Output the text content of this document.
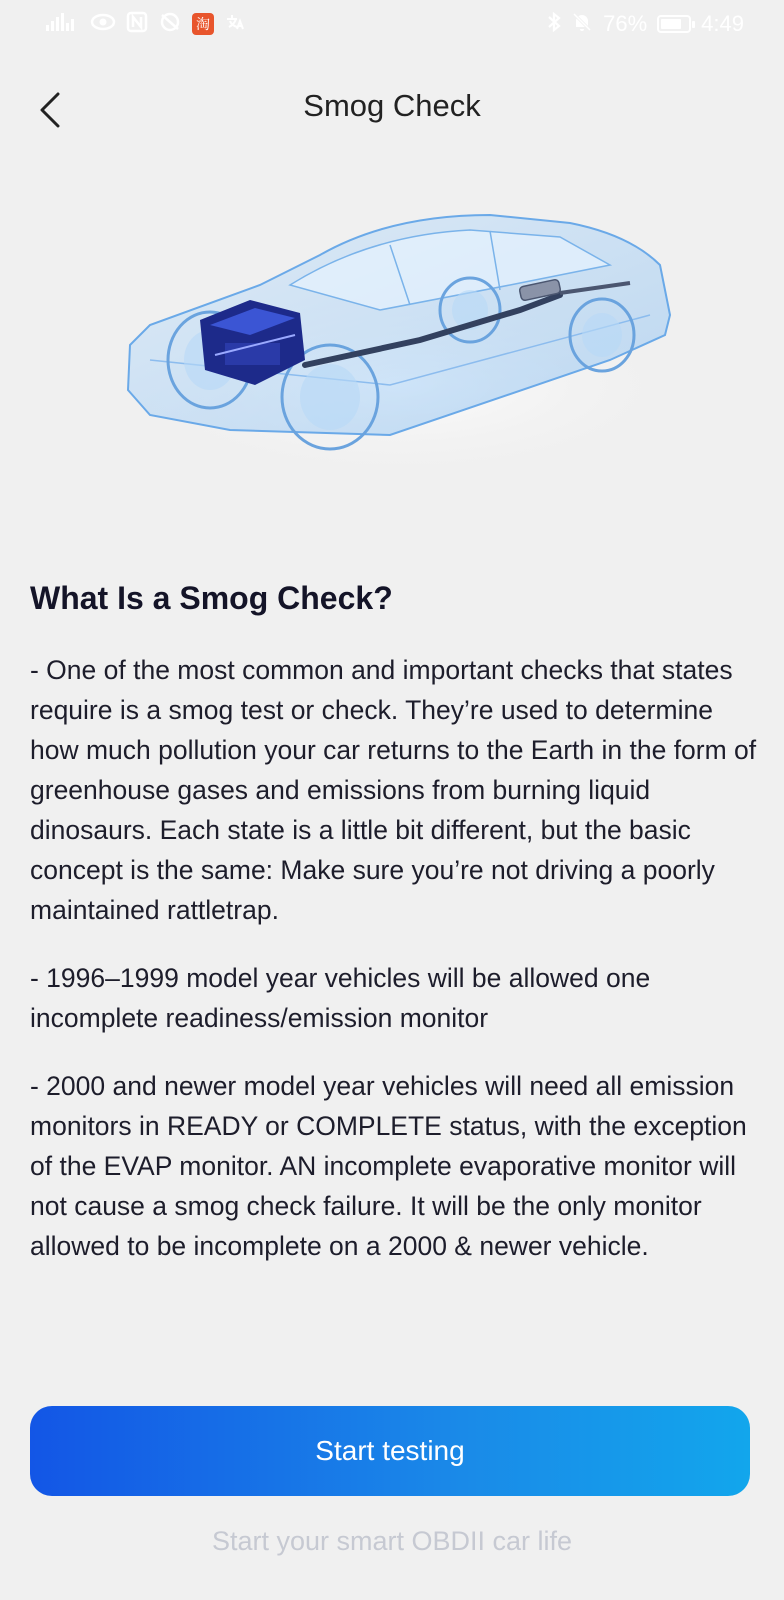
淘	76% 4:49
Smog Check
What Is a Smog Check?

- One of the most common and important checks that states require is a smog test or check. They’re used to determine how much pollution your car returns to the Earth in the form of greenhouse gases and emissions from burning liquid dinosaurs. Each state is a little bit different, but the basic concept is the same: Make sure you’re not driving a poorly maintained rattletrap.

- 1996–1999 model year vehicles will be allowed one incomplete readiness/emission monitor

- 2000 and newer model year vehicles will need all emission monitors in READY or COMPLETE status, with the exception of the EVAP monitor. AN incomplete evaporative monitor will not cause a smog check failure. It will be the only monitor allowed to be incomplete on a 2000 & newer vehicle.

Start testing
Start your smart OBDII car life
